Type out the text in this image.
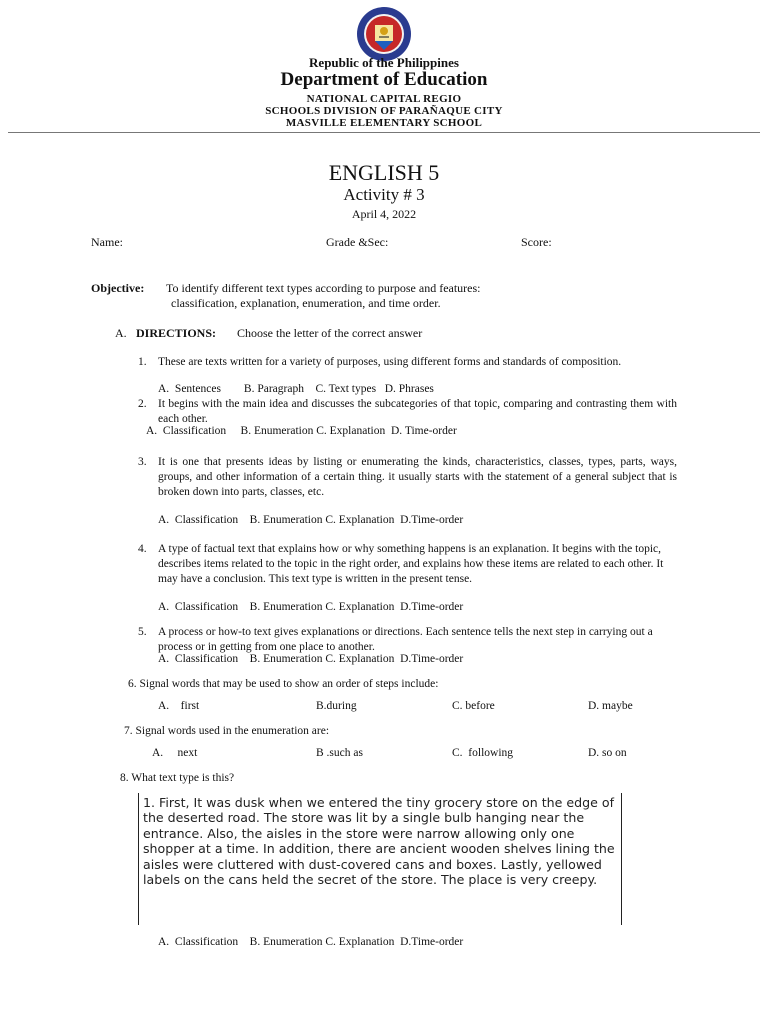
Republic of the Philippines
Department of Education
NATIONAL CAPITAL REGIO
SCHOOLS DIVISION OF PARAÑAQUE CITY
MASVILLE ELEMENTARY SCHOOL
ENGLISH 5
Activity # 3
April 4, 2022
Name:	Grade &Sec:	Score:
Objective: To identify different text types according to purpose and features:
classification, explanation, enumeration, and time order.
A. DIRECTIONS: Choose the letter of the correct answer
1. These are texts written for a variety of purposes, using different forms and standards of composition.
A.  Sentences        B. Paragraph    C. Text types   D. Phrases
2. It begins with the main idea and discusses the subcategories of that topic, comparing and contrasting them with each other.
A.  Classification     B. Enumeration C. Explanation  D. Time-order
3. It is one that presents ideas by listing or enumerating the kinds, characteristics, classes, types, parts, ways, groups, and other information of a certain thing. it usually starts with the statement of a general subject that is broken down into parts, classes, etc.
A.  Classification    B. Enumeration C. Explanation  D.Time-order
4. A type of factual text that explains how or why something happens is an explanation. It begins with the topic, describes items related to the topic in the right order, and explains how these items are related to each other. It may have a conclusion. This text type is written in the present tense.
A.  Classification    B. Enumeration C. Explanation  D.Time-order
5. A process or how-to text gives explanations or directions. Each sentence tells the next step in carrying out a process or in getting from one place to another.
A.  Classification    B. Enumeration C. Explanation  D.Time-order
6. Signal words that may be used to show an order of steps include:
A.    first	B.during	C. before	D. maybe
7. Signal words used in the enumeration are:
A.     next	B .such as	C.  following	D. so on
8. What text type is this?
1. First, It was dusk when we entered the tiny grocery store on the edge of the deserted road. The store was lit by a single bulb hanging near the entrance. Also, the aisles in the store were narrow allowing only one shopper at a time. In addition, there are ancient wooden shelves lining the aisles were cluttered with dust-covered cans and boxes. Lastly, yellowed labels on the cans held the secret of the store. The place is very creepy.
A.  Classification    B. Enumeration C. Explanation  D.Time-order
